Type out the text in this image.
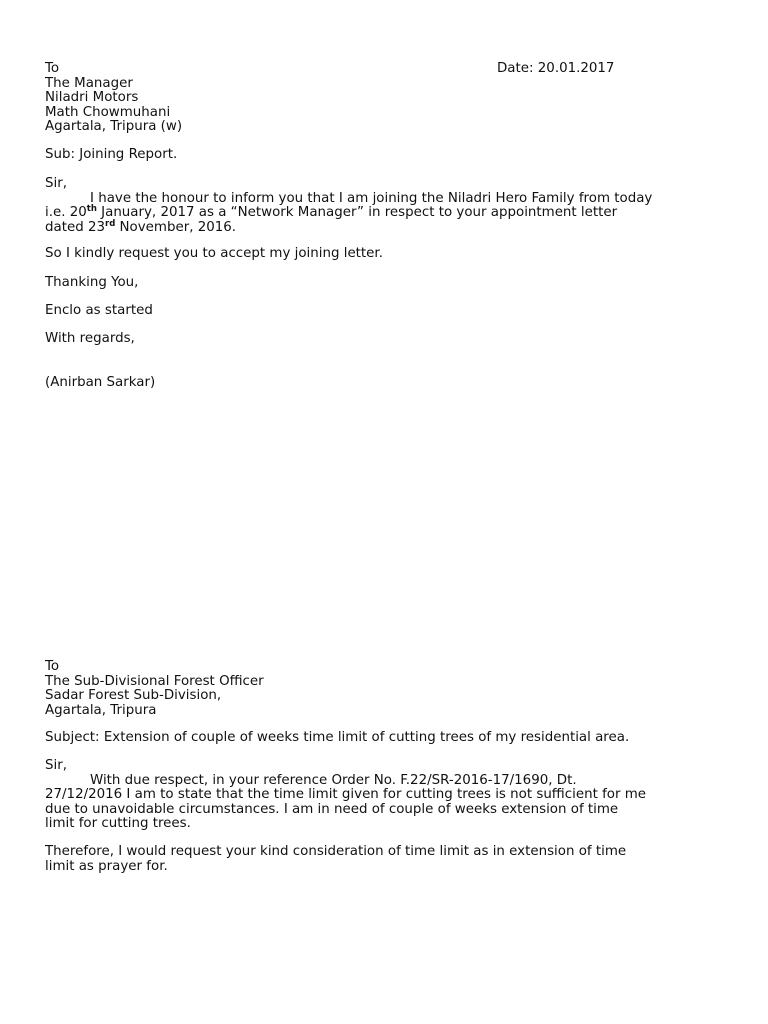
To
The Manager
Niladri Motors
Math Chowmuhani
Agartala, Tripura (w)
Date: 20.01.2017
Sub: Joining Report.
Sir,
I have the honour to inform you that I am joining the Niladri Hero Family from today
i.e. 20th January, 2017 as a “Network Manager” in respect to your appointment letter
dated 23rd November, 2016.
So I kindly request you to accept my joining letter.
Thanking You,
Enclo as started
With regards,
(Anirban Sarkar)
To
The Sub-Divisional Forest Officer
Sadar Forest Sub-Division,
Agartala, Tripura
Subject: Extension of couple of weeks time limit of cutting trees of my residential area.
Sir,
With due respect, in your reference Order No. F.22/SR-2016-17/1690, Dt.
27/12/2016 I am to state that the time limit given for cutting trees is not sufficient for me
due to unavoidable circumstances. I am in need of couple of weeks extension of time
limit for cutting trees.
Therefore, I would request your kind consideration of time limit as in extension of time
limit as prayer for.
